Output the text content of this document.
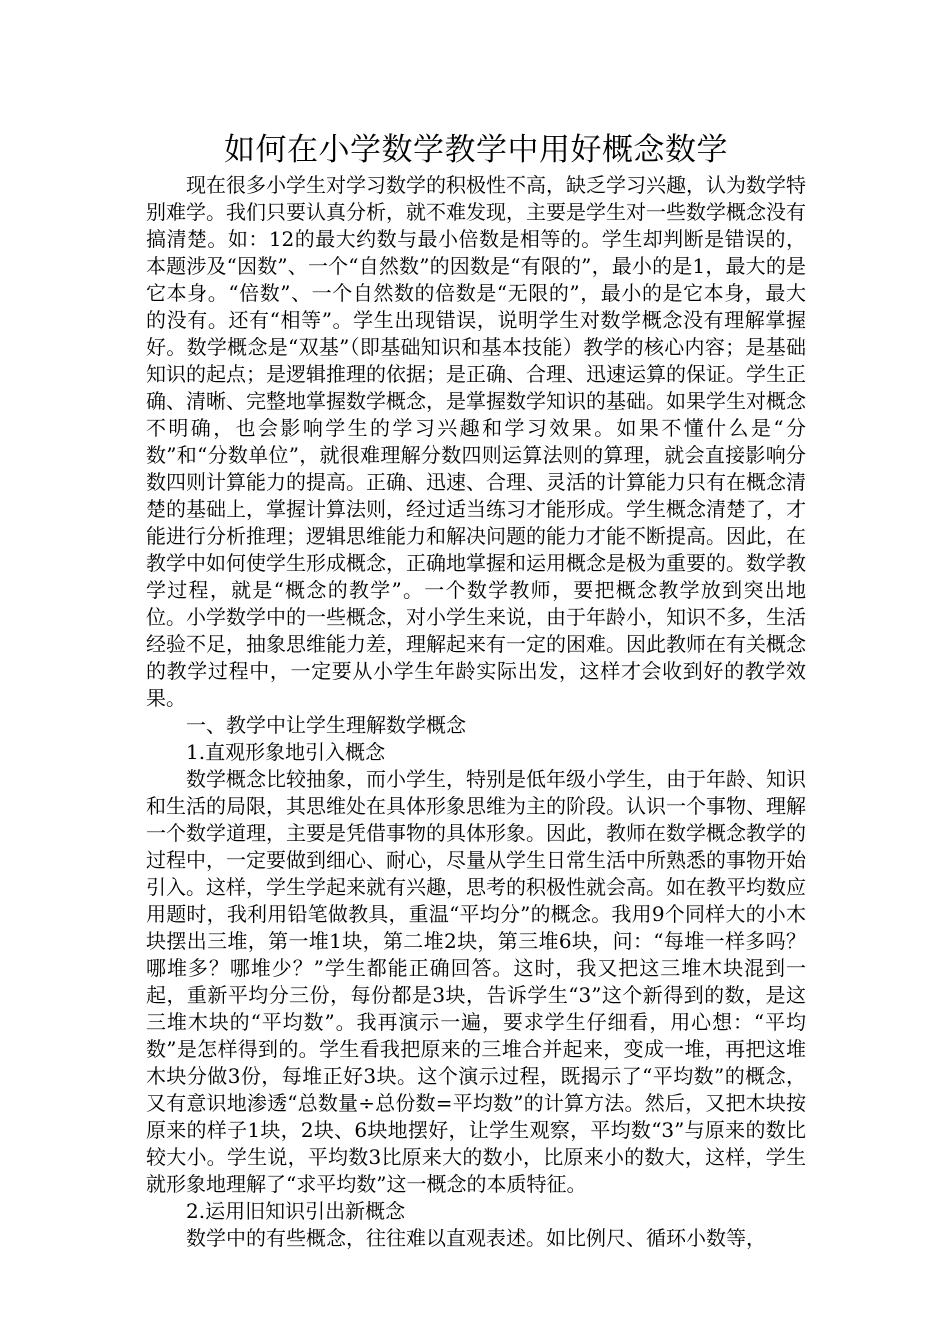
如何在小学数学教学中用好概念数学

现在很多小学生对学习数学的积极性不高，缺乏学习兴趣，认为数学特别难学。我们只要认真分析，就不难发现，主要是学生对一些数学概念没有搞清楚。如：12的最大约数与最小倍数是相等的。学生却判断是错误的，本题涉及“因数”、一个“自然数”的因数是“有限的”，最小的是1，最大的是它本身。“倍数”、一个自然数的倍数是“无限的”，最小的是它本身，最大的没有。还有“相等”。学生出现错误，说明学生对数学概念没有理解掌握好。数学概念是“双基”（即基础知识和基本技能）教学的核心内容；是基础知识的起点；是逻辑推理的依据；是正确、合理、迅速运算的保证。学生正确、清晰、完整地掌握数学概念，是掌握数学知识的基础。如果学生对概念不明确，也会影响学生的学习兴趣和学习效果。如果不懂什么是“分数”和“分数单位”，就很难理解分数四则运算法则的算理，就会直接影响分数四则计算能力的提高。正确、迅速、合理、灵活的计算能力只有在概念清楚的基础上，掌握计算法则，经过适当练习才能形成。学生概念清楚了，才能进行分析推理；逻辑思维能力和解决问题的能力才能不断提高。因此，在教学中如何使学生形成概念，正确地掌握和运用概念是极为重要的。数学教学过程，就是“概念的教学”。一个数学教师，要把概念教学放到突出地位。小学数学中的一些概念，对小学生来说，由于年龄小，知识不多，生活经验不足，抽象思维能力差，理解起来有一定的困难。因此教师在有关概念的教学过程中，一定要从小学生年龄实际出发，这样才会收到好的教学效果。

一、教学中让学生理解数学概念

1.直观形象地引入概念

数学概念比较抽象，而小学生，特别是低年级小学生，由于年龄、知识和生活的局限，其思维处在具体形象思维为主的阶段。认识一个事物、理解一个数学道理，主要是凭借事物的具体形象。因此，教师在数学概念教学的过程中，一定要做到细心、耐心，尽量从学生日常生活中所熟悉的事物开始引入。这样，学生学起来就有兴趣，思考的积极性就会高。如在教平均数应用题时，我利用铅笔做教具，重温“平均分”的概念。我用9个同样大的小木块摆出三堆，第一堆1块，第二堆2块，第三堆6块，问：“每堆一样多吗？哪堆多？哪堆少？”学生都能正确回答。这时，我又把这三堆木块混到一起，重新平均分三份，每份都是3块，告诉学生“3”这个新得到的数，是这三堆木块的“平均数”。我再演示一遍，要求学生仔细看，用心想：“平均数”是怎样得到的。学生看我把原来的三堆合并起来，变成一堆，再把这堆木块分做3份，每堆正好3块。这个演示过程，既揭示了“平均数”的概念，又有意识地渗透“总数量÷总份数=平均数”的计算方法。然后，又把木块按原来的样子1块，2块、6块地摆好，让学生观察，平均数“3”与原来的数比较大小。学生说，平均数3比原来大的数小，比原来小的数大，这样，学生就形象地理解了“求平均数”这一概念的本质特征。

2.运用旧知识引出新概念

数学中的有些概念，往往难以直观表述。如比例尺、循环小数等，
